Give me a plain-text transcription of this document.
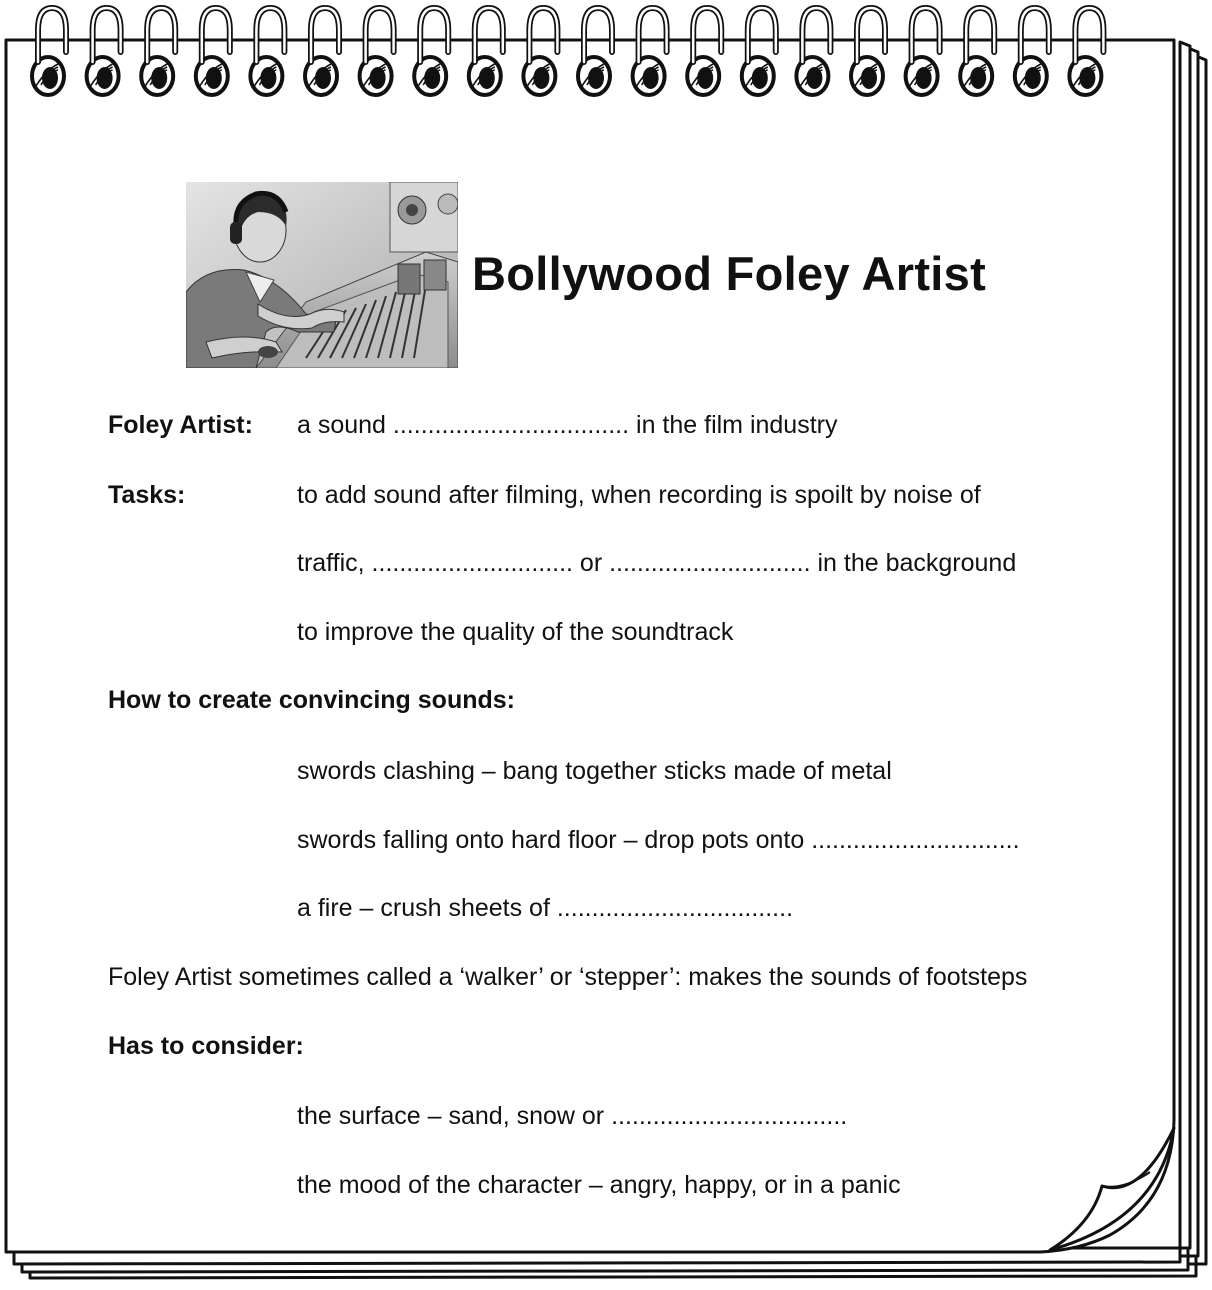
Bollywood Foley Artist
Foley Artist: a sound .................................. in the film industry
Tasks:	to add sound after filming, when recording is spoilt by noise of
traffic, ............................. or ............................. in the background
to improve the quality of the soundtrack
How to create convincing sounds:
swords clashing – bang together sticks made of metal
swords falling onto hard floor – drop pots onto ..............................
a fire – crush sheets of ..................................
Foley Artist sometimes called a ‘walker’ or ‘stepper’: makes the sounds of footsteps
Has to consider:
the surface – sand, snow or ..................................
the mood of the character – angry, happy, or in a panic
